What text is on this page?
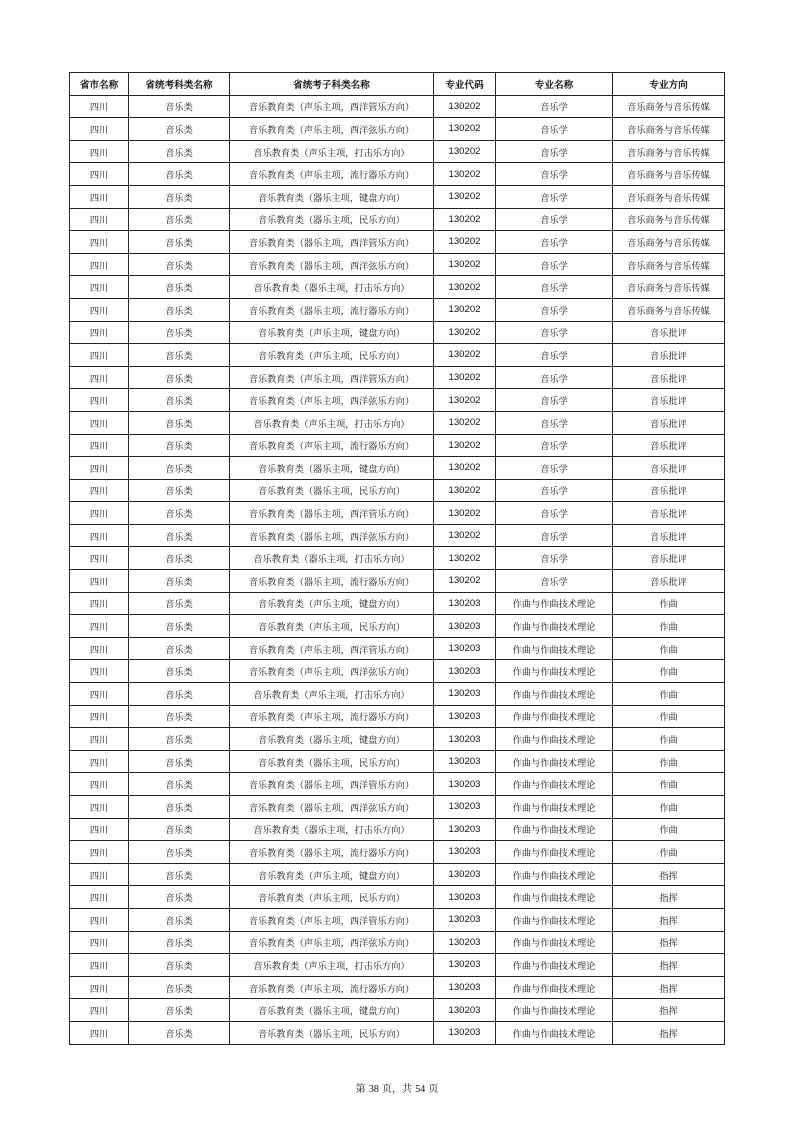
省市名称	省统考科类名称	省统考子科类名称	专业代码	专业名称	专业方向
四川	音乐类	音乐教育类（声乐主项，西洋管乐方向）	130202	音乐学	音乐商务与音乐传媒
四川	音乐类	音乐教育类（声乐主项，西洋弦乐方向）	130202	音乐学	音乐商务与音乐传媒
四川	音乐类	音乐教育类（声乐主项，打击乐方向）	130202	音乐学	音乐商务与音乐传媒
四川	音乐类	音乐教育类（声乐主项，流行器乐方向）	130202	音乐学	音乐商务与音乐传媒
四川	音乐类	音乐教育类（器乐主项，键盘方向）	130202	音乐学	音乐商务与音乐传媒
四川	音乐类	音乐教育类（器乐主项，民乐方向）	130202	音乐学	音乐商务与音乐传媒
四川	音乐类	音乐教育类（器乐主项，西洋管乐方向）	130202	音乐学	音乐商务与音乐传媒
四川	音乐类	音乐教育类（器乐主项，西洋弦乐方向）	130202	音乐学	音乐商务与音乐传媒
四川	音乐类	音乐教育类（器乐主项，打击乐方向）	130202	音乐学	音乐商务与音乐传媒
四川	音乐类	音乐教育类（器乐主项，流行器乐方向）	130202	音乐学	音乐商务与音乐传媒
四川	音乐类	音乐教育类（声乐主项，键盘方向）	130202	音乐学	音乐批评
四川	音乐类	音乐教育类（声乐主项，民乐方向）	130202	音乐学	音乐批评
四川	音乐类	音乐教育类（声乐主项，西洋管乐方向）	130202	音乐学	音乐批评
四川	音乐类	音乐教育类（声乐主项，西洋弦乐方向）	130202	音乐学	音乐批评
四川	音乐类	音乐教育类（声乐主项，打击乐方向）	130202	音乐学	音乐批评
四川	音乐类	音乐教育类（声乐主项，流行器乐方向）	130202	音乐学	音乐批评
四川	音乐类	音乐教育类（器乐主项，键盘方向）	130202	音乐学	音乐批评
四川	音乐类	音乐教育类（器乐主项，民乐方向）	130202	音乐学	音乐批评
四川	音乐类	音乐教育类（器乐主项，西洋管乐方向）	130202	音乐学	音乐批评
四川	音乐类	音乐教育类（器乐主项，西洋弦乐方向）	130202	音乐学	音乐批评
四川	音乐类	音乐教育类（器乐主项，打击乐方向）	130202	音乐学	音乐批评
四川	音乐类	音乐教育类（器乐主项，流行器乐方向）	130202	音乐学	音乐批评
四川	音乐类	音乐教育类（声乐主项，键盘方向）	130203	作曲与作曲技术理论	作曲
四川	音乐类	音乐教育类（声乐主项，民乐方向）	130203	作曲与作曲技术理论	作曲
四川	音乐类	音乐教育类（声乐主项，西洋管乐方向）	130203	作曲与作曲技术理论	作曲
四川	音乐类	音乐教育类（声乐主项，西洋弦乐方向）	130203	作曲与作曲技术理论	作曲
四川	音乐类	音乐教育类（声乐主项，打击乐方向）	130203	作曲与作曲技术理论	作曲
四川	音乐类	音乐教育类（声乐主项，流行器乐方向）	130203	作曲与作曲技术理论	作曲
四川	音乐类	音乐教育类（器乐主项，键盘方向）	130203	作曲与作曲技术理论	作曲
四川	音乐类	音乐教育类（器乐主项，民乐方向）	130203	作曲与作曲技术理论	作曲
四川	音乐类	音乐教育类（器乐主项，西洋管乐方向）	130203	作曲与作曲技术理论	作曲
四川	音乐类	音乐教育类（器乐主项，西洋弦乐方向）	130203	作曲与作曲技术理论	作曲
四川	音乐类	音乐教育类（器乐主项，打击乐方向）	130203	作曲与作曲技术理论	作曲
四川	音乐类	音乐教育类（器乐主项，流行器乐方向）	130203	作曲与作曲技术理论	作曲
四川	音乐类	音乐教育类（声乐主项，键盘方向）	130203	作曲与作曲技术理论	指挥
四川	音乐类	音乐教育类（声乐主项，民乐方向）	130203	作曲与作曲技术理论	指挥
四川	音乐类	音乐教育类（声乐主项，西洋管乐方向）	130203	作曲与作曲技术理论	指挥
四川	音乐类	音乐教育类（声乐主项，西洋弦乐方向）	130203	作曲与作曲技术理论	指挥
四川	音乐类	音乐教育类（声乐主项，打击乐方向）	130203	作曲与作曲技术理论	指挥
四川	音乐类	音乐教育类（声乐主项，流行器乐方向）	130203	作曲与作曲技术理论	指挥
四川	音乐类	音乐教育类（器乐主项，键盘方向）	130203	作曲与作曲技术理论	指挥
四川	音乐类	音乐教育类（器乐主项，民乐方向）	130203	作曲与作曲技术理论	指挥
第 38 页，共 54 页
